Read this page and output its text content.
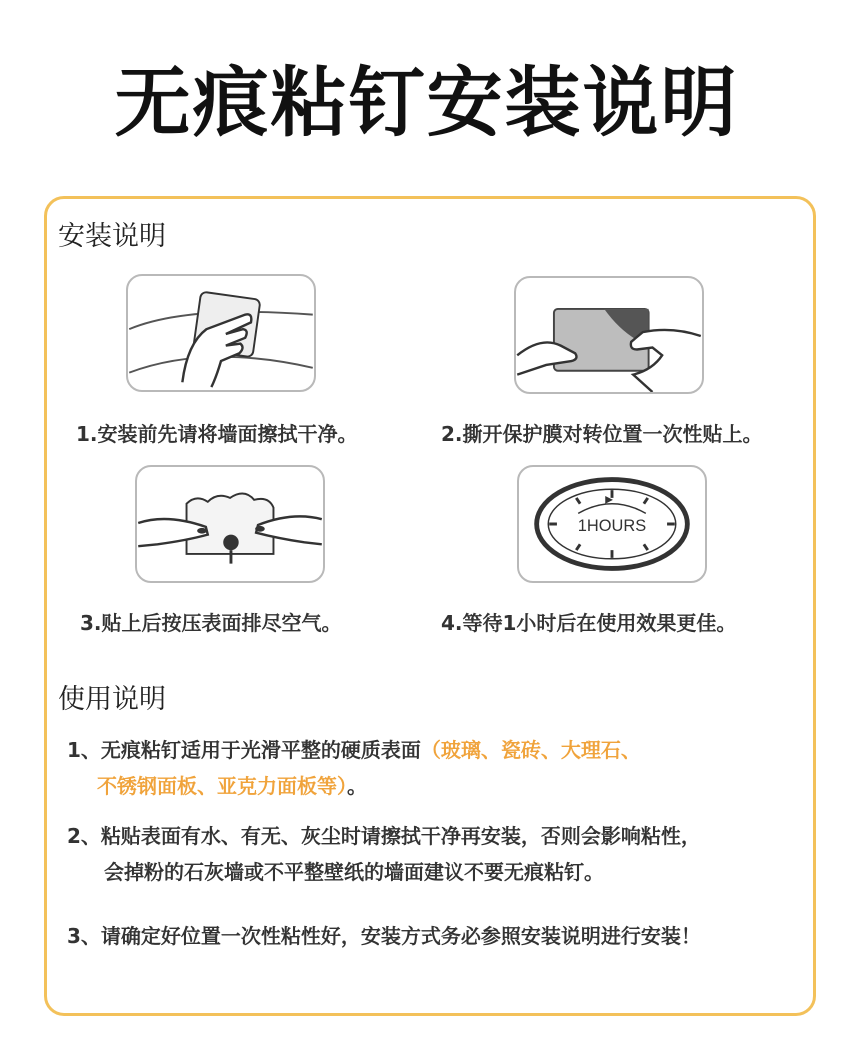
无痕粘钉安装说明
安装说明
1.安装前先请将墙面擦拭干净。	2.撕开保护膜对转位置一次性贴上。
3.贴上后按压表面排尽空气。
1HOURS
4.等待1小时后在使用效果更佳。
使用说明
1、无痕粘钉适用于光滑平整的硬质表面（玻璃、瓷砖、大理石、
不锈钢面板、亚克力面板等）。
2、粘贴表面有水、有无、灰尘时请擦拭干净再安装，否则会影响粘性，
会掉粉的石灰墙或不平整壁纸的墙面建议不要无痕粘钉。
3、请确定好位置一次性粘性好，安装方式务必参照安装说明进行安装！
